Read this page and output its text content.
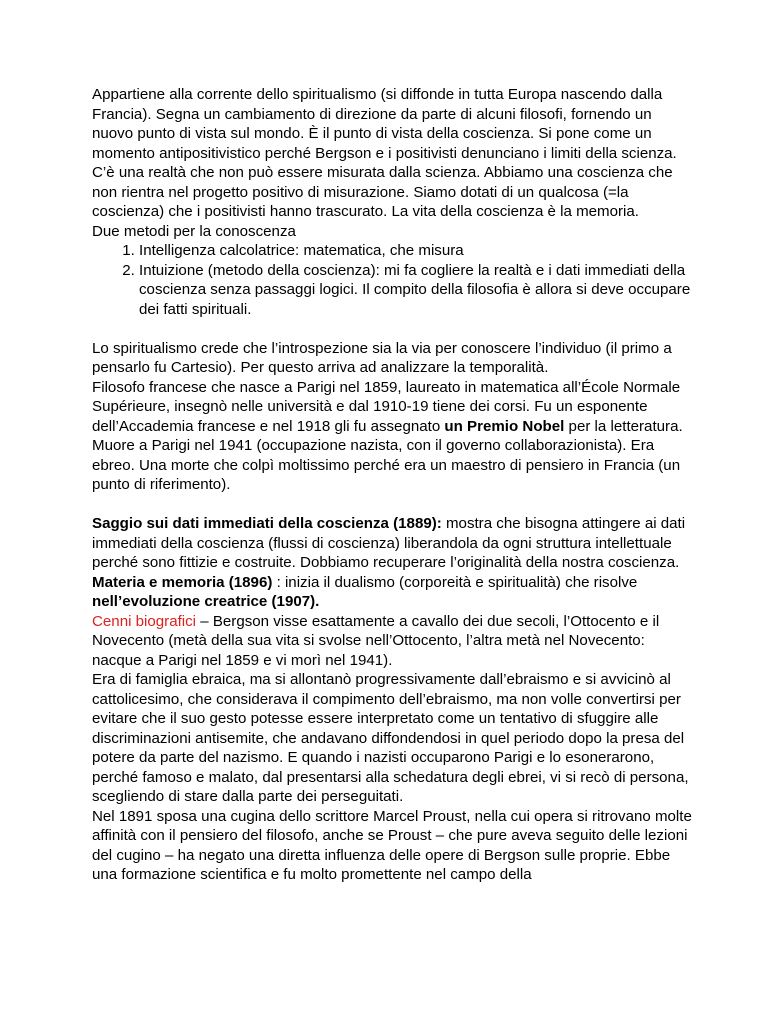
Appartiene alla corrente dello spiritualismo (si diffonde in tutta Europa nascendo dalla Francia). Segna un cambiamento di direzione da parte di alcuni filosofi, fornendo un nuovo punto di vista sul mondo. È il punto di vista della coscienza. Si pone come un momento antipositivistico perché Bergson e i positivisti denunciano i limiti della scienza. C’è una realtà che non può essere misurata dalla scienza. Abbiamo una coscienza che non rientra nel progetto positivo di misurazione. Siamo dotati di un qualcosa (=la coscienza) che i positivisti hanno trascurato. La vita della coscienza è la memoria.

Due metodi per la conoscenza

1. Intelligenza calcolatrice: matematica, che misura
2. Intuizione (metodo della coscienza): mi fa cogliere la realtà e i dati immediati della coscienza senza passaggi logici. Il compito della filosofia è allora si deve occupare dei fatti spirituali.

Lo spiritualismo crede che l’introspezione sia la via per conoscere l’individuo (il primo a pensarlo fu Cartesio). Per questo arriva ad analizzare la temporalità.

Filosofo francese che nasce a Parigi nel 1859, laureato in matematica all’École Normale Supérieure, insegnò nelle università e dal 1910-19 tiene dei corsi. Fu un esponente dell’Accademia francese e nel 1918 gli fu assegnato un Premio Nobel per la letteratura. Muore a Parigi nel 1941 (occupazione nazista, con il governo collaborazionista). Era ebreo. Una morte che colpì moltissimo perché era un maestro di pensiero in Francia (un punto di riferimento).

Saggio sui dati immediati della coscienza (1889): mostra che bisogna attingere ai dati immediati della coscienza (flussi di coscienza) liberandola da ogni struttura intellettuale perché sono fittizie e costruite. Dobbiamo recuperare l’originalità della nostra coscienza.

Materia e memoria (1896) : inizia il dualismo (corporeità e spiritualità) che risolve nell’evoluzione creatrice (1907).

Cenni biografici – Bergson visse esattamente a cavallo dei due secoli, l’Ottocento e il Novecento (metà della sua vita si svolse nell’Ottocento, l’altra metà nel Novecento: nacque a Parigi nel 1859 e vi morì nel 1941).

Era di famiglia ebraica, ma si allontanò progressivamente dall’ebraismo e si avvicinò al cattolicesimo, che considerava il compimento dell’ebraismo, ma non volle convertirsi per evitare che il suo gesto potesse essere interpretato come un tentativo di sfuggire alle discriminazioni antisemite, che andavano diffondendosi in quel periodo dopo la presa del potere da parte del nazismo. E quando i nazisti occuparono Parigi e lo esonerarono, perché famoso e malato, dal presentarsi alla schedatura degli ebrei, vi si recò di persona, scegliendo di stare dalla parte dei perseguitati.

Nel 1891 sposa una cugina dello scrittore Marcel Proust, nella cui opera si ritrovano molte affinità con il pensiero del filosofo, anche se Proust – che pure aveva seguito delle lezioni del cugino – ha negato una diretta influenza delle opere di Bergson sulle proprie. Ebbe una formazione scientifica e fu molto promettente nel campo della
